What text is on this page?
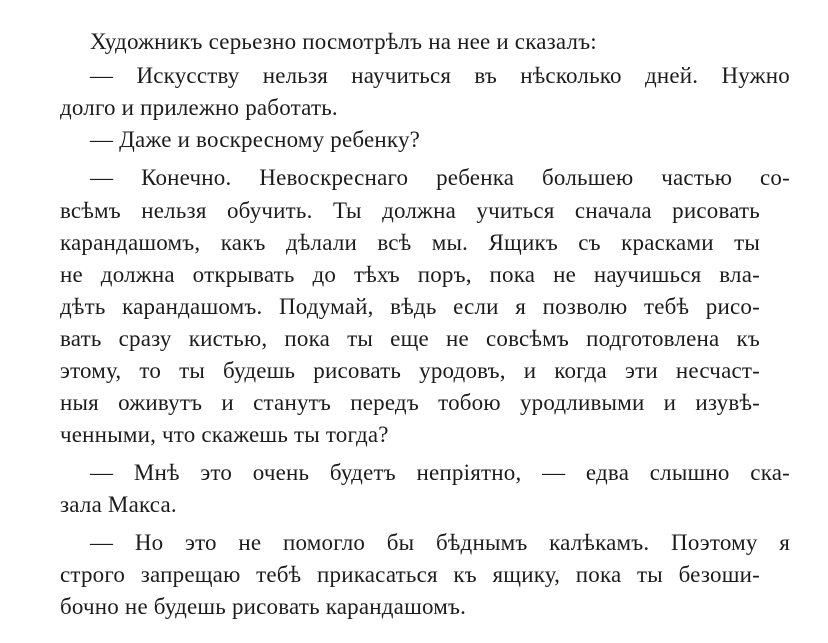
Художникъ серьезно посмотрѣлъ на нее и сказалъ:
— Искусству нельзя научиться въ нѣсколько дней. Нужно
долго и прилежно работать.
— Даже и воскресному ребенку?
— Конечно. Невоскреснаго ребенка большею частью со-
всѣмъ нельзя обучить. Ты должна учиться сначала рисовать
карандашомъ, какъ дѣлали всѣ мы. Ящикъ съ красками ты
не должна открывать до тѣхъ поръ, пока не научишься вла-
дѣть карандашомъ. Подумай, вѣдь если я позволю тебѣ рисо-
вать сразу кистью, пока ты еще не совсѣмъ подготовлена къ
этому, то ты будешь рисовать уродовъ, и когда эти несчаст-
ныя оживутъ и станутъ передъ тобою уродливыми и изувѣ-
ченными, что скажешь ты тогда?
— Мнѣ это очень будетъ непріятно, — едва слышно ска-
зала Макса.
— Но это не помогло бы бѣднымъ калѣкамъ. Поэтому я
строго запрещаю тебѣ прикасаться къ ящику, пока ты безоши-
бочно не будешь рисовать карандашомъ.
